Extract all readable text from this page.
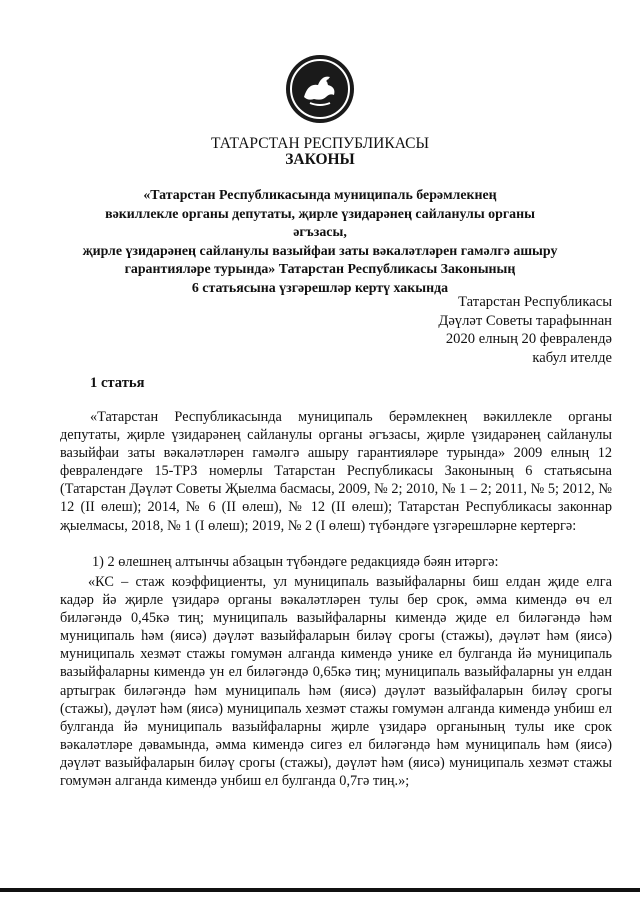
ТАТАРСТАН РЕСПУБЛИКАСЫ
ЗАКОНЫ
«Татарстан Республикасында муниципаль берәмлекнең
вәкиллекле органы депутаты, җирле үзидарәнең сайланулы органы әгъзасы,
җирле үзидарәнең сайланулы вазыйфаи заты вәкаләтләрен гамәлгә ашыру
гарантияләре турында» Татарстан Республикасы Законының
6 статьясына үзгәрешләр кертү хакында
Татарстан Республикасы
Дәүләт Советы тарафыннан
2020 елның 20 февралендә
кабул ителде
1 статья
«Татарстан Республикасында муниципаль берәмлекнең вәкиллекле органы депутаты, җирле үзидарәнең сайланулы органы әгъзасы, җирле үзидарәнең сайланулы вазыйфаи заты вәкаләтләрен гамәлгә ашыру гарантияләре турында» 2009 елның 12 февралендәге 15-ТРЗ номерлы Татарстан Республикасы Законының 6 статьясына (Татарстан Дәүләт Советы Җыелма басмасы, 2009, № 2; 2010, № 1 – 2; 2011, № 5; 2012, № 12 (II өлеш); 2014, № 6 (II өлеш), № 12 (II өлеш); Татарстан Республикасы законнар җыелмасы, 2018, № 1 (I өлеш); 2019, № 2 (I өлеш) түбәндәге үзгәрешләрне кертергә:
1) 2 өлешнең алтынчы абзацын түбәндәге редакциядә бәян итәргә:
«КС – стаж коэффициенты, ул муниципаль вазыйфаларны биш елдан җиде елга кадәр йә җирле үзидарә органы вәкаләтләрен тулы бер срок, әмма кимендә өч ел биләгәндә 0,45кә тиң; муниципаль вазыйфаларны кимендә җиде ел биләгәндә һәм муниципаль һәм (яисә) дәүләт вазыйфаларын биләү срогы (стажы), дәүләт һәм (яисә) муниципаль хезмәт стажы гомумән алганда кимендә унике ел булганда йә муниципаль вазыйфаларны кимендә ун ел биләгәндә 0,65кә тиң; муниципаль вазыйфаларны ун елдан артыграк биләгәндә һәм муниципаль һәм (яисә) дәүләт вазыйфаларын биләү срогы (стажы), дәүләт һәм (яисә) муниципаль хезмәт стажы гомумән алганда кимендә унбиш ел булганда йә муниципаль вазыйфаларны җирле үзидарә органының тулы ике срок вәкаләтләре дәвамында, әмма кимендә сигез ел биләгәндә һәм муниципаль һәм (яисә) дәүләт вазыйфаларын биләү срогы (стажы), дәүләт һәм (яисә) муниципаль хезмәт стажы гомумән алганда кимендә унбиш ел булганда 0,7гә тиң.»;
